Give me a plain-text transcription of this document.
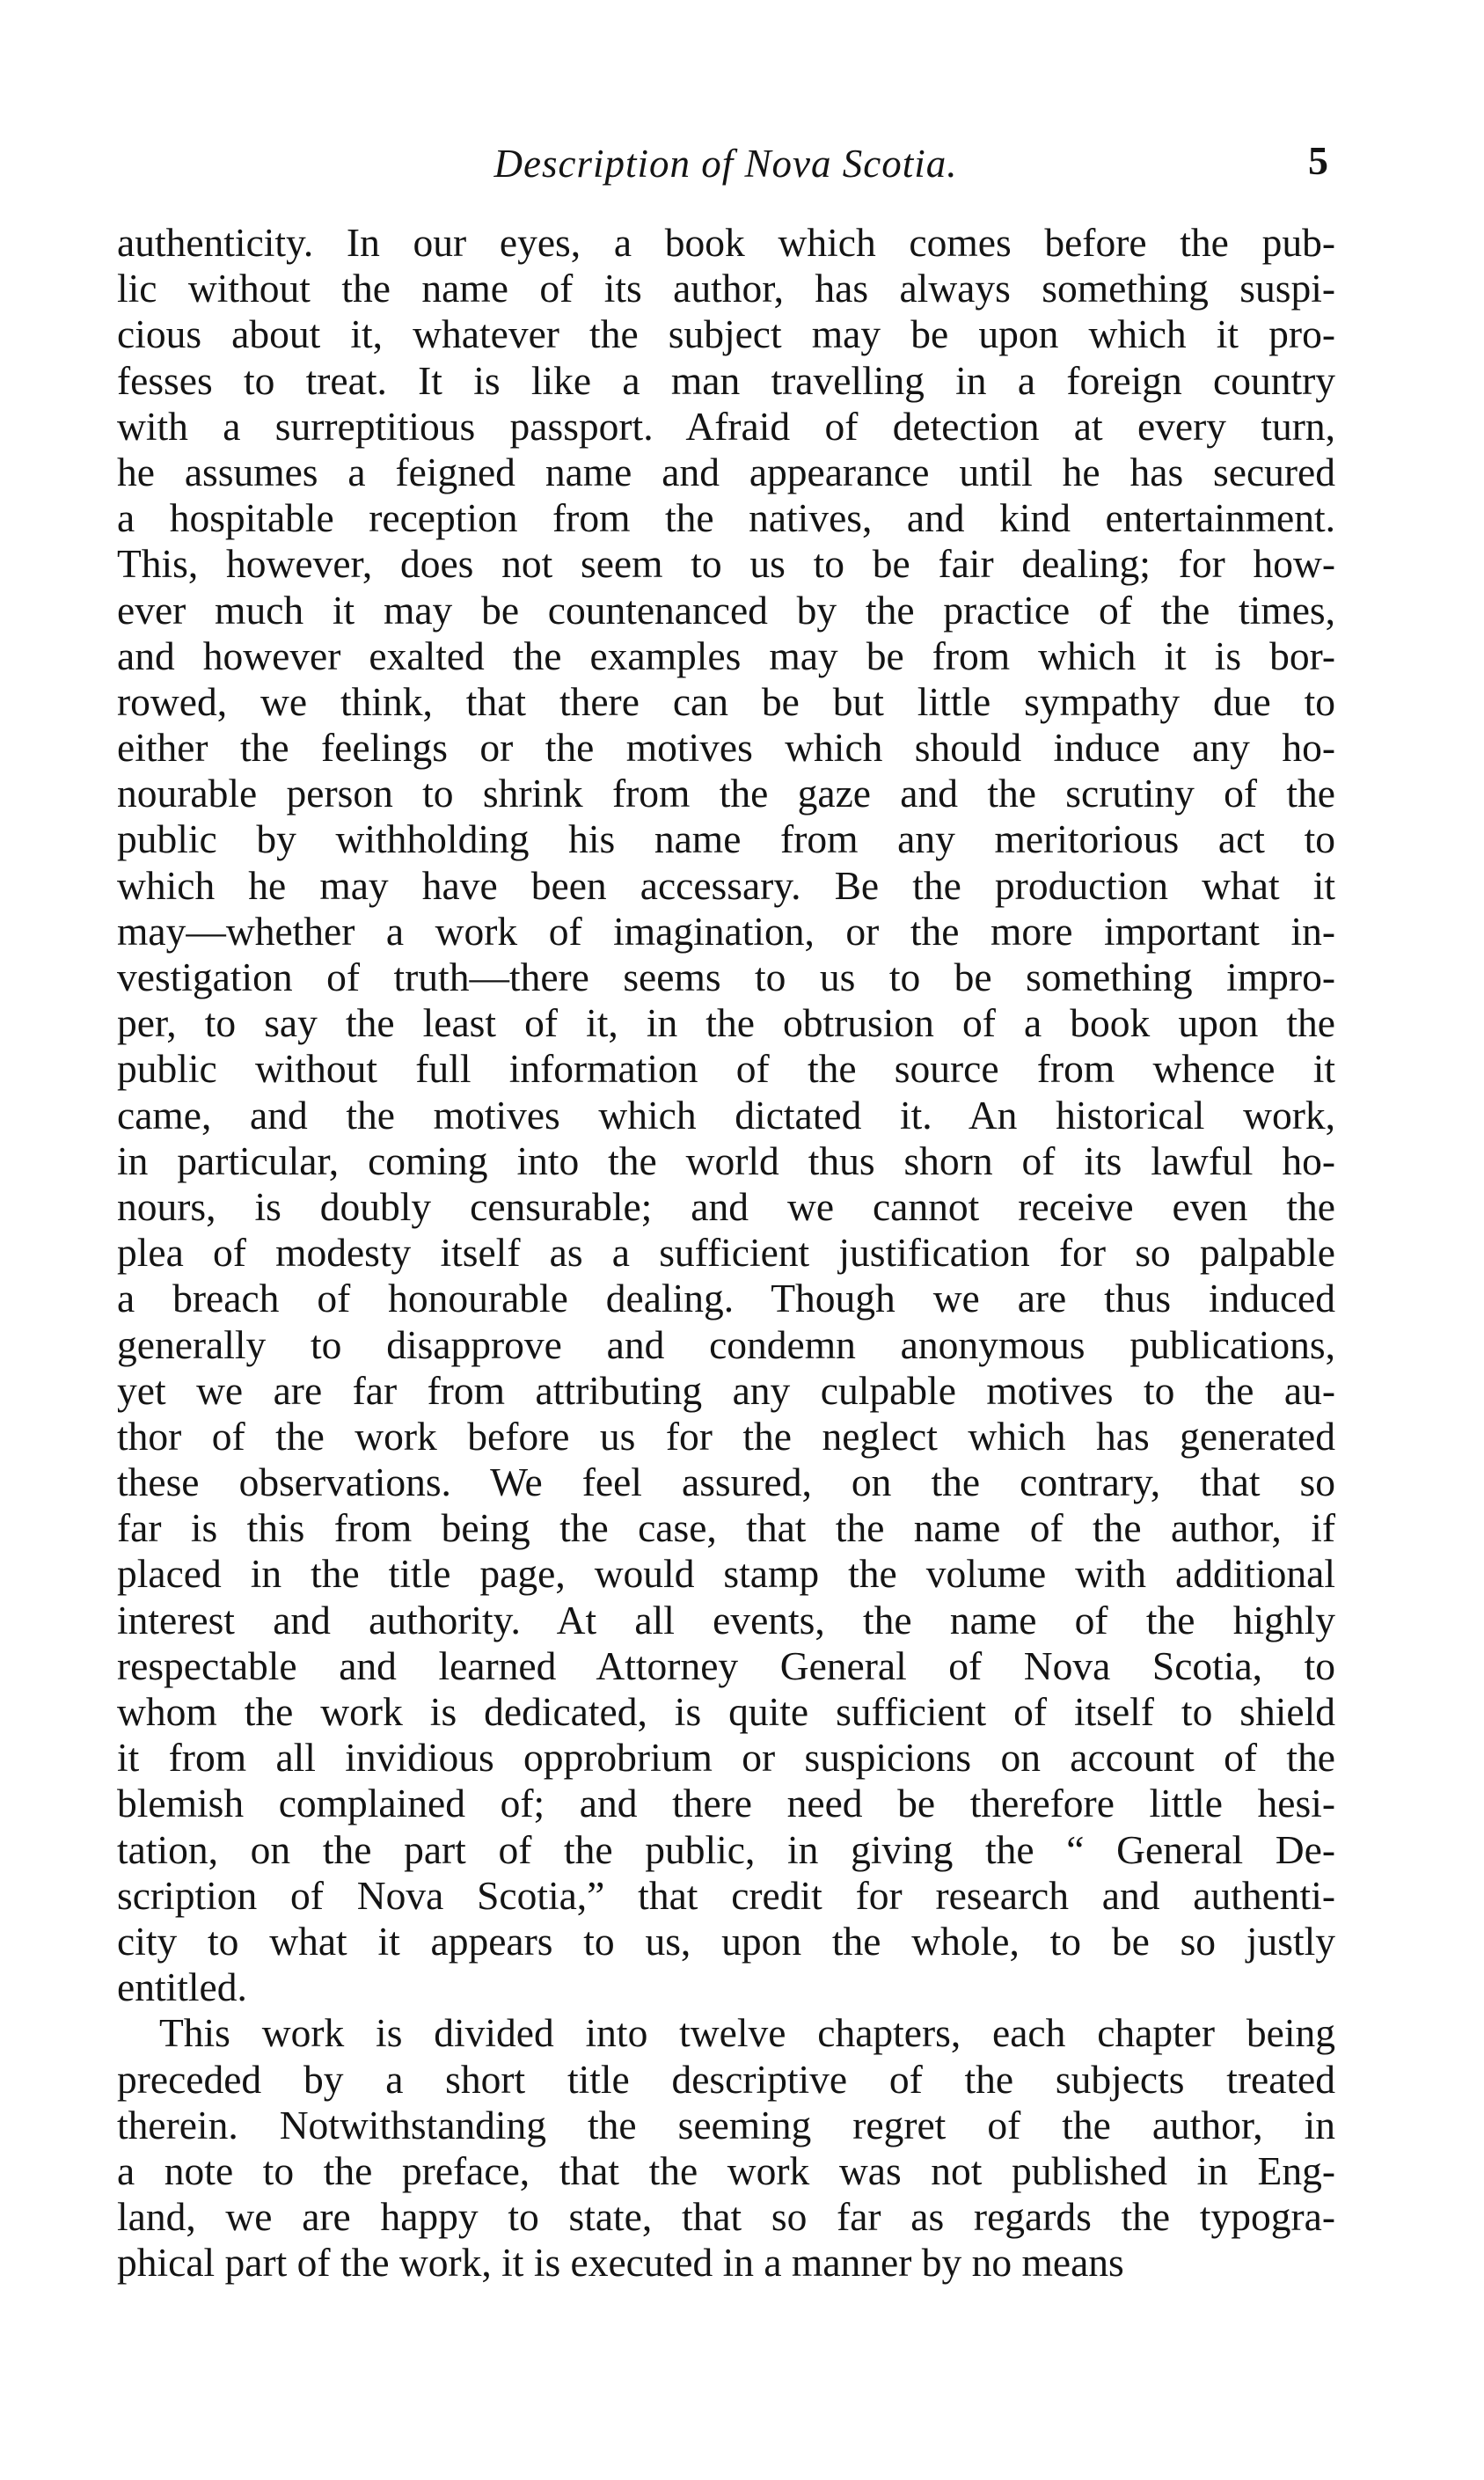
Description of Nova Scotia.	5
authenticity. In our eyes, a book which comes before the pub-
lic without the name of its author, has always something suspi-
cious about it, whatever the subject may be upon which it pro-
fesses to treat. It is like a man travelling in a foreign country
with a surreptitious passport. Afraid of detection at every turn,
he assumes a feigned name and appearance until he has secured
a hospitable reception from the natives, and kind entertainment.
This, however, does not seem to us to be fair dealing; for how-
ever much it may be countenanced by the practice of the times,
and however exalted the examples may be from which it is bor-
rowed, we think, that there can be but little sympathy due to
either the feelings or the motives which should induce any ho-
nourable person to shrink from the gaze and the scrutiny of the
public by withholding his name from any meritorious act to
which he may have been accessary. Be the production what it
may—whether a work of imagination, or the more important in-
vestigation of truth—there seems to us to be something impro-
per, to say the least of it, in the obtrusion of a book upon the
public without full information of the source from whence it
came, and the motives which dictated it. An historical work,
in particular, coming into the world thus shorn of its lawful ho-
nours, is doubly censurable; and we cannot receive even the
plea of modesty itself as a sufficient justification for so palpable
a breach of honourable dealing. Though we are thus induced
generally to disapprove and condemn anonymous publications,
yet we are far from attributing any culpable motives to the au-
thor of the work before us for the neglect which has generated
these observations. We feel assured, on the contrary, that so
far is this from being the case, that the name of the author, if
placed in the title page, would stamp the volume with additional
interest and authority. At all events, the name of the highly
respectable and learned Attorney General of Nova Scotia, to
whom the work is dedicated, is quite sufficient of itself to shield
it from all invidious opprobrium or suspicions on account of the
blemish complained of; and there need be therefore little hesi-
tation, on the part of the public, in giving the “ General De-
scription of Nova Scotia,” that credit for research and authenti-
city to what it appears to us, upon the whole, to be so justly
entitled.
This work is divided into twelve chapters, each chapter being
preceded by a short title descriptive of the subjects treated
therein. Notwithstanding the seeming regret of the author, in
a note to the preface, that the work was not published in Eng-
land, we are happy to state, that so far as regards the typogra-
phical part of the work, it is executed in a manner by no means
